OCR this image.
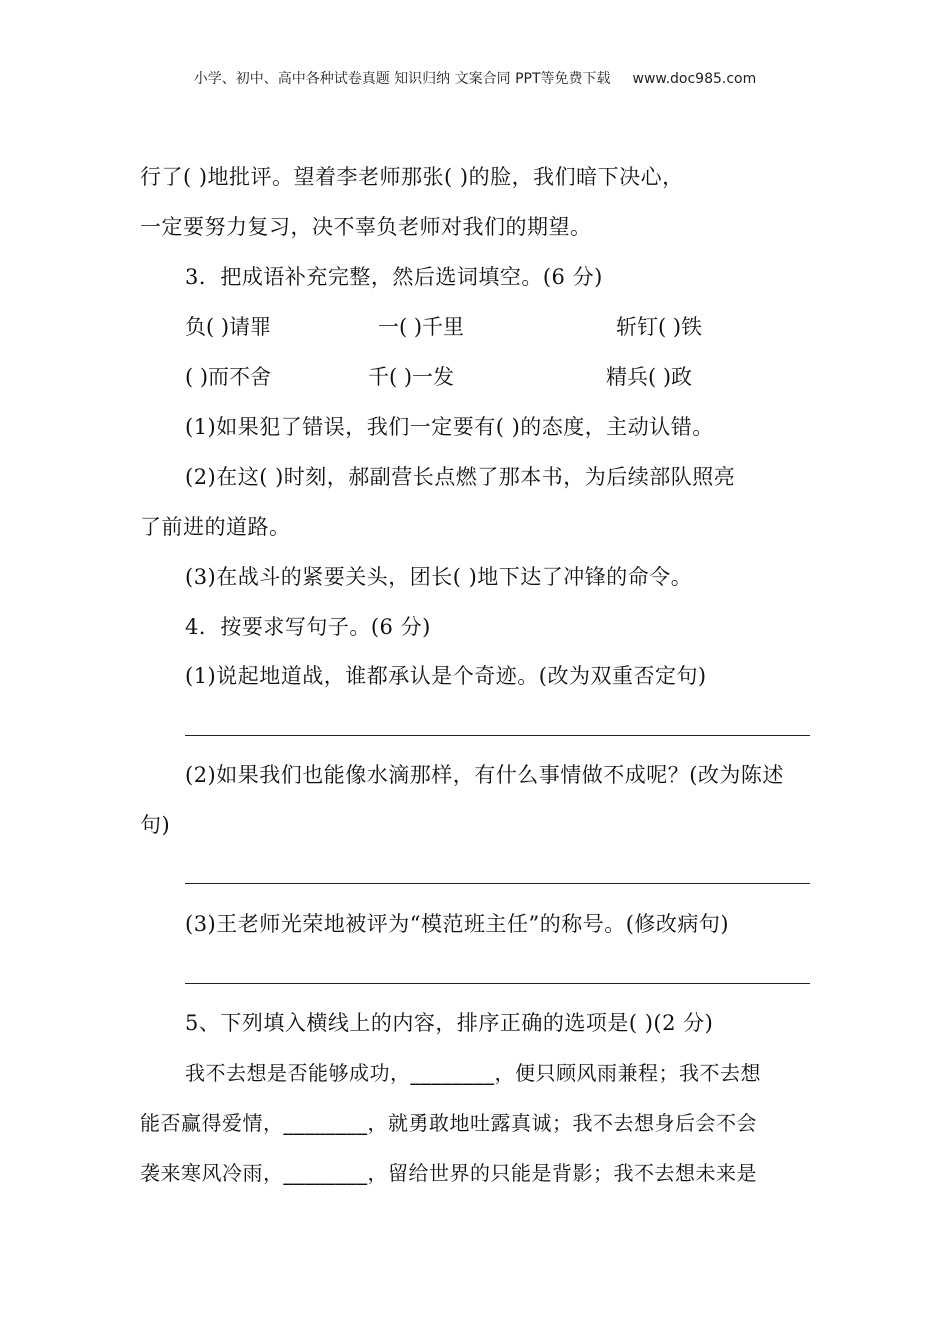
小学、初中、高中各种试卷真题 知识归纳 文案合同 PPT等免费下载 www.doc985.com
行了( )地批评。望着李老师那张( )的脸，我们暗下决心，
一定要努力复习，决不辜负老师对我们的期望。
3．把成语补充完整，然后选词填空。(6 分)
负( )请罪	一( )千里	斩钉( )铁
( )而不舍	千( )一发	精兵( )政
(1)如果犯了错误，我们一定要有( )的态度，主动认错。
(2)在这( )时刻，郝副营长点燃了那本书，为后续部队照亮
了前进的道路。
(3)在战斗的紧要关头，团长( )地下达了冲锋的命令。
4．按要求写句子。(6 分)
(1)说起地道战，谁都承认是个奇迹。(改为双重否定句)
(2)如果我们也能像水滴那样，有什么事情做不成呢？(改为陈述
句)
(3)王老师光荣地被评为“模范班主任”的称号。(修改病句)
5、下列填入横线上的内容，排序正确的选项是( )(2 分)
我不去想是否能够成功，________，便只顾风雨兼程；我不去想
能否赢得爱情，________，就勇敢地吐露真诚；我不去想身后会不会
袭来寒风冷雨，________，留给世界的只能是背影；我不去想未来是
